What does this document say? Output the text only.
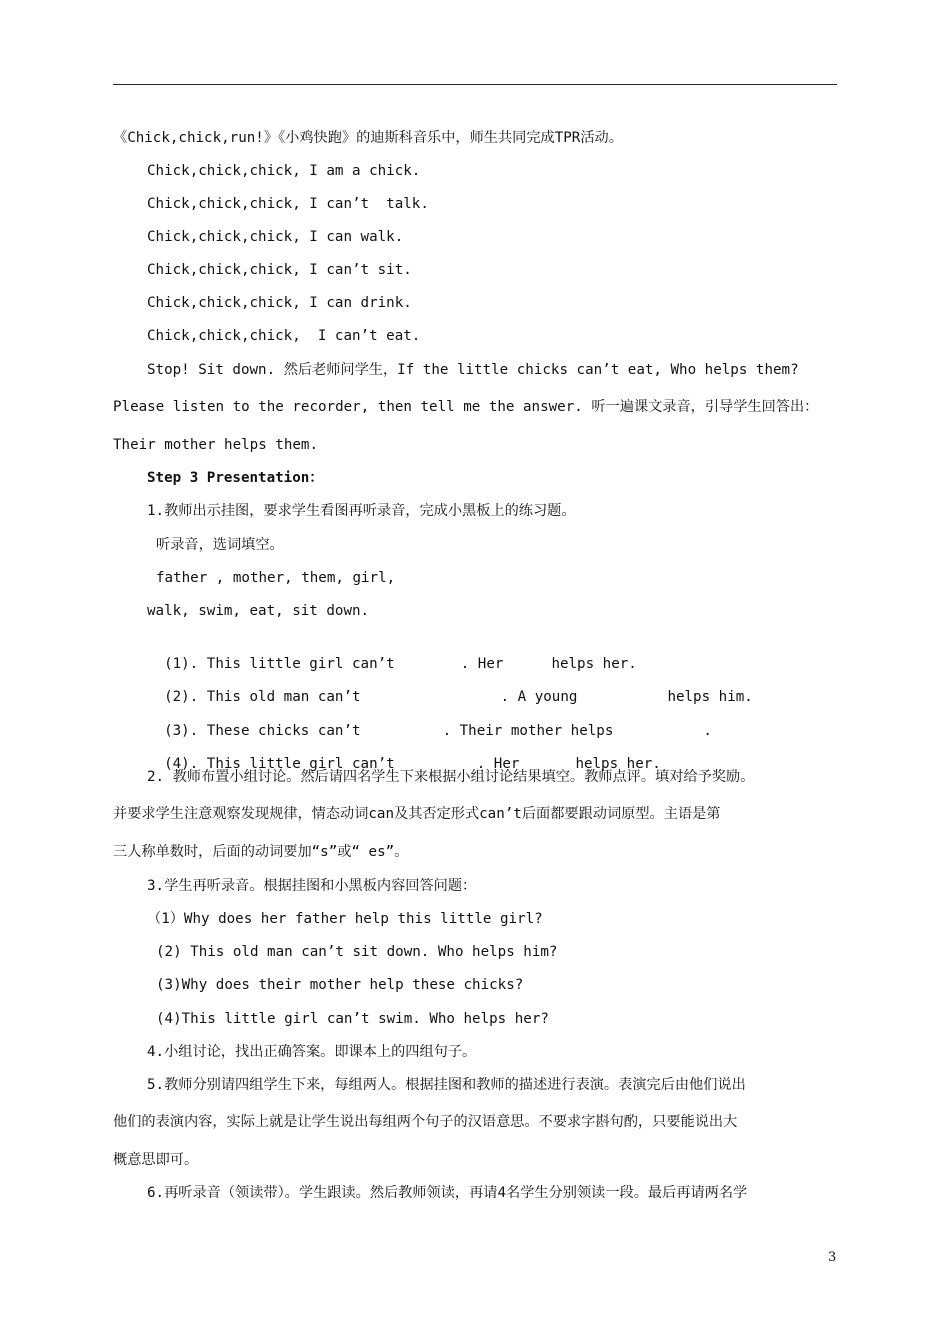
《Chick,chick,run!》《小鸡快跑》的迪斯科音乐中，师生共同完成TPR活动。
Chick,chick,chick, I am a chick.
Chick,chick,chick, I can’t  talk.
Chick,chick,chick, I can walk.
Chick,chick,chick, I can’t sit.
Chick,chick,chick, I can drink.
Chick,chick,chick,  I can’t eat.
Stop! Sit down. 然后老师问学生，If the little chicks can’t eat, Who helps them?
Please listen to the recorder, then tell me the answer. 听一遍课文录音，引导学生回答出：
Their mother helps them.
Step 3 Presentation：
1.教师出示挂图，要求学生看图再听录音，完成小黑板上的练习题。
听录音，选词填空。
father , mother, them, girl,
walk, swim, eat, sit down.

(1). This little girl can’t	. Her	helps her.

(2). This old man can’t	. A young	helps him.

(3). These chicks can’t	. Their mother helps	.

(4). This little girl can’t	. Her	helps her.

2. 教师布置小组讨论。然后请四名学生下来根据小组讨论结果填空。教师点评。填对给予奖励。
并要求学生注意观察发现规律，情态动词can及其否定形式can’t后面都要跟动词原型。主语是第
三人称单数时，后面的动词要加“s”或“ es”。
3.学生再听录音。根据挂图和小黑板内容回答问题：
（1）Why does her father help this little girl?
(2) This old man can’t sit down. Who helps him?
(3)Why does their mother help these chicks?
(4)This little girl can’t swim. Who helps her?
4.小组讨论，找出正确答案。即课本上的四组句子。
5.教师分别请四组学生下来，每组两人。根据挂图和教师的描述进行表演。表演完后由他们说出
他们的表演内容，实际上就是让学生说出每组两个句子的汉语意思。不要求字斟句酌，只要能说出大
概意思即可。
6.再听录音（领读带）。学生跟读。然后教师领读，再请4名学生分别领读一段。最后再请两名学
3
